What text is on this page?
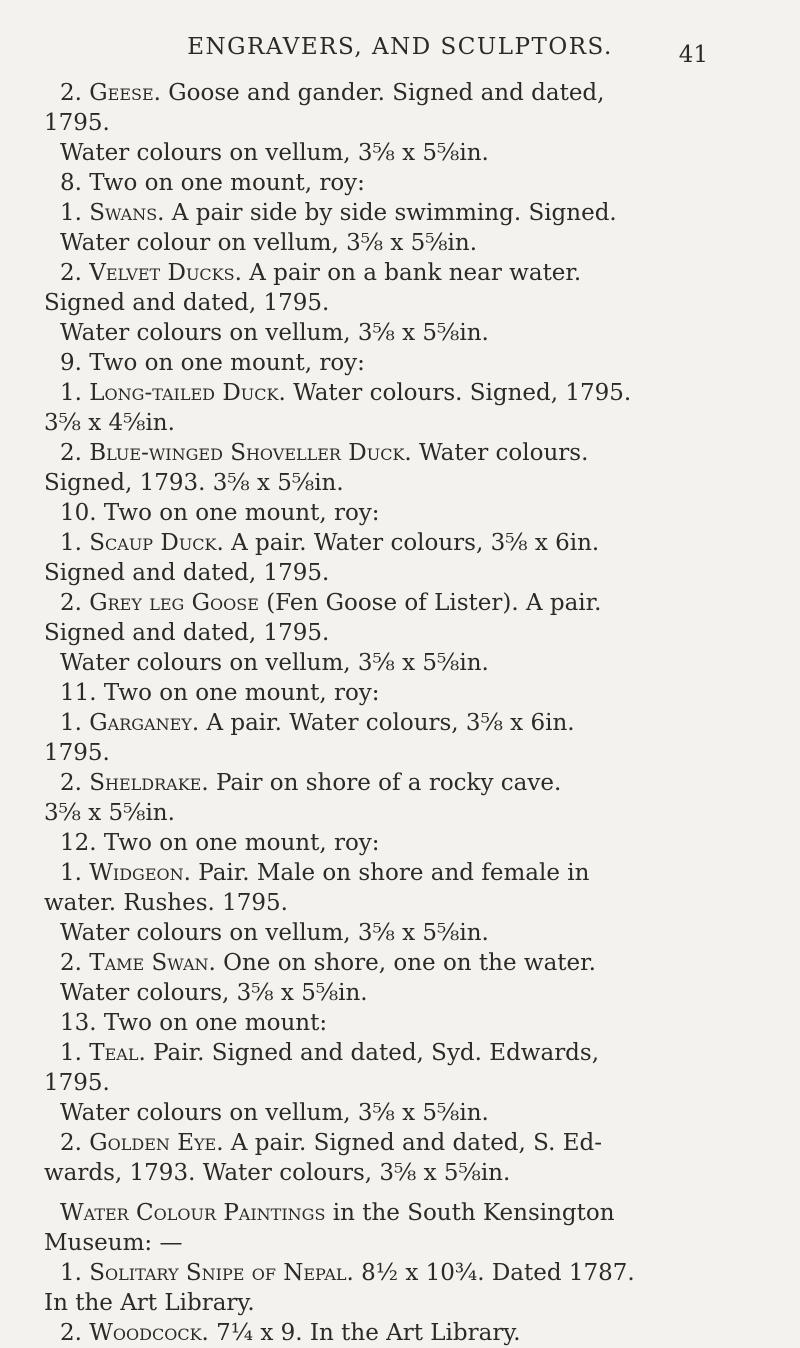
ENGRAVERS, AND SCULPTORS.	41
2. Geese. Goose and gander. Signed and dated,
1795.
Water colours on vellum, 3⅝ x 5⅝in.
8. Two on one mount, roy:
1. Swans. A pair side by side swimming. Signed.
Water colour on vellum, 3⅝ x 5⅝in.
2. Velvet Ducks. A pair on a bank near water.
Signed and dated, 1795.
Water colours on vellum, 3⅝ x 5⅝in.
9. Two on one mount, roy:
1. Long-tailed Duck. Water colours. Signed, 1795.
3⅝ x 4⅝in.
2. Blue-winged Shoveller Duck. Water colours.
Signed, 1793. 3⅝ x 5⅝in.
10. Two on one mount, roy:
1. Scaup Duck. A pair. Water colours, 3⅝ x 6in.
Signed and dated, 1795.
2. Grey leg Goose (Fen Goose of Lister). A pair.
Signed and dated, 1795.
Water colours on vellum, 3⅝ x 5⅝in.
11. Two on one mount, roy:
1. Garganey. A pair. Water colours, 3⅝ x 6in.
1795.
2. Sheldrake. Pair on shore of a rocky cave.
3⅝ x 5⅝in.
12. Two on one mount, roy:
1. Widgeon. Pair. Male on shore and female in
water. Rushes. 1795.
Water colours on vellum, 3⅝ x 5⅝in.
2. Tame Swan. One on shore, one on the water.
Water colours, 3⅝ x 5⅝in.
13. Two on one mount:
1. Teal. Pair. Signed and dated, Syd. Edwards,
1795.
Water colours on vellum, 3⅝ x 5⅝in.
2. Golden Eye. A pair. Signed and dated, S. Ed-
wards, 1793. Water colours, 3⅝ x 5⅝in.
Water Colour Paintings in the South Kensington
Museum: —
1. Solitary Snipe of Nepal. 8½ x 10¾. Dated 1787.
In the Art Library.
2. Woodcock. 7¼ x 9. In the Art Library.
